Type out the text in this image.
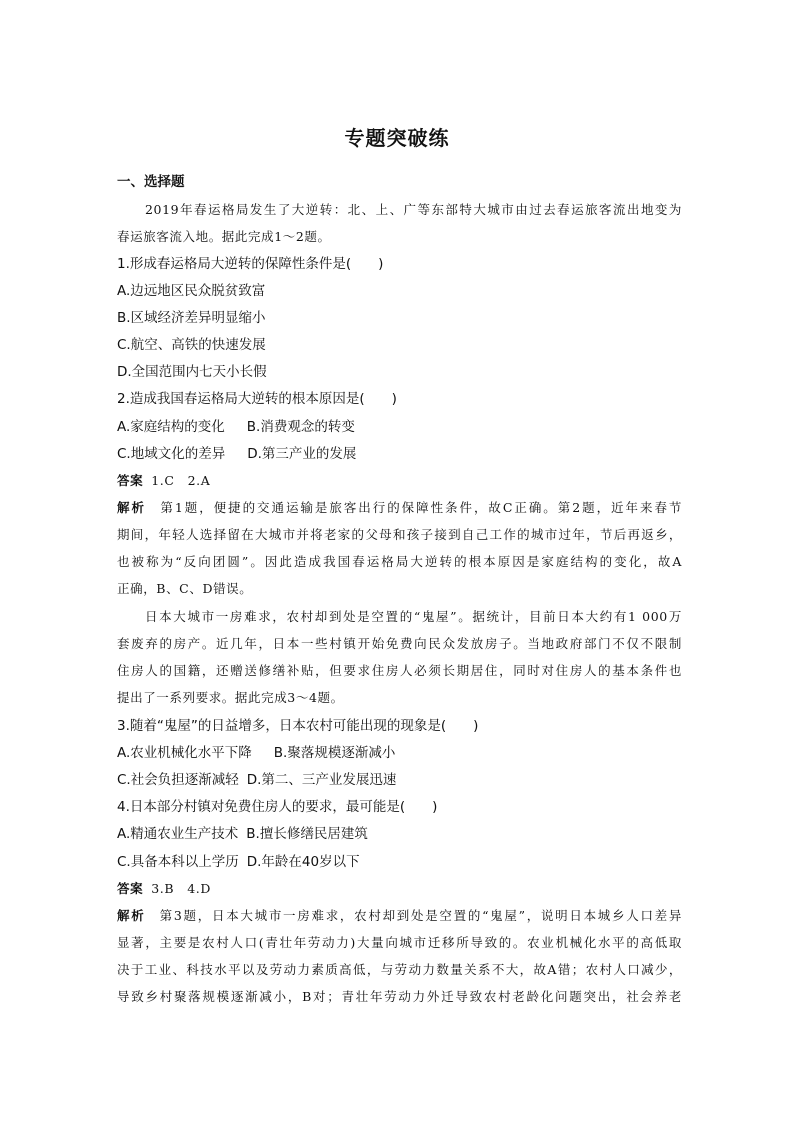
专题突破练
一、选择题
2019年春运格局发生了大逆转：北、上、广等东部特大城市由过去春运旅客流出地变为
春运旅客流入地。据此完成1～2题。
1.形成春运格局大逆转的保障性条件是(　　)
A.边远地区民众脱贫致富
B.区域经济差异明显缩小
C.航空、高铁的快速发展
D.全国范围内七天小长假
2.造成我国春运格局大逆转的根本原因是(　　)
A.家庭结构的变化 B.消费观念的转变
C.地域文化的差异 D.第三产业的发展
答案 1.C　2.A
解析　 第1题，便捷的交通运输是旅客出行的保障性条件，故C正确。第2题，近年来春节
期间，年轻人选择留在大城市并将老家的父母和孩子接到自己工作的城市过年，节后再返乡，
也被称为“反向团圆”。因此造成我国春运格局大逆转的根本原因是家庭结构的变化，故A
正确，B、C、D错误。
日本大城市一房难求，农村却到处是空置的“鬼屋”。据统计，目前日本大约有1 000万
套废弃的房产。近几年，日本一些村镇开始免费向民众发放房子。当地政府部门不仅不限制
住房人的国籍，还赠送修缮补贴，但要求住房人必须长期居住，同时对住房人的基本条件也
提出了一系列要求。据此完成3～4题。
3.随着“鬼屋”的日益增多，日本农村可能出现的现象是(　　)
A.农业机械化水平下降 B.聚落规模逐渐减小
C.社会负担逐渐减轻 D.第二、三产业发展迅速
4.日本部分村镇对免费住房人的要求，最可能是(　　)
A.精通农业生产技术 B.擅长修缮民居建筑
C.具备本科以上学历 D.年龄在40岁以下
答案 3.B　4.D
解析　 第3题，日本大城市一房难求，农村却到处是空置的“鬼屋”，说明日本城乡人口差异
显著，主要是农村人口(青壮年劳动力)大量向城市迁移所导致的。农业机械化水平的高低取
决于工业、科技水平以及劳动力素质高低，与劳动力数量关系不大，故A错；农村人口减少，
导致乡村聚落规模逐渐减小，B对；青壮年劳动力外迁导致农村老龄化问题突出，社会养老
